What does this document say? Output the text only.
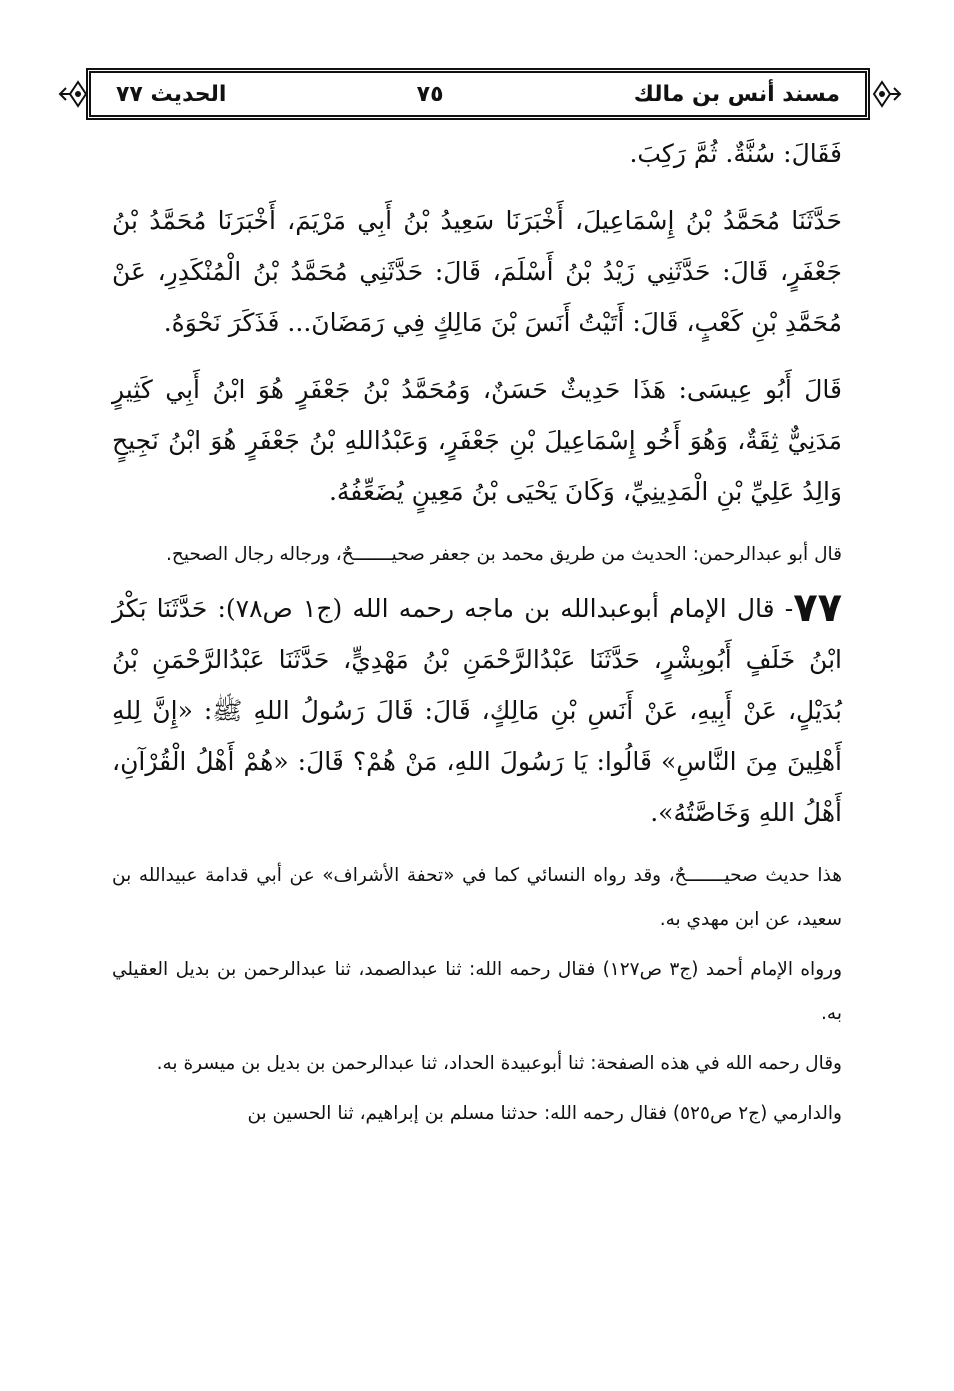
مسند أنس بن مالك
٧٥
الحديث ٧٧

فَقَالَ: سُنَّةٌ. ثُمَّ رَكِبَ.

حَدَّثَنَا مُحَمَّدُ بْنُ إِسْمَاعِيلَ، أَخْبَرَنَا سَعِيدُ بْنُ أَبِي مَرْيَمَ، أَخْبَرَنَا مُحَمَّدُ بْنُ جَعْفَرٍ، قَالَ: حَدَّثَنِي زَيْدُ بْنُ أَسْلَمَ، قَالَ: حَدَّثَنِي مُحَمَّدُ بْنُ الْمُنْكَدِرِ، عَنْ مُحَمَّدِ بْنِ كَعْبٍ، قَالَ: أَتَيْتُ أَنَسَ بْنَ مَالِكٍ فِي رَمَضَانَ... فَذَكَرَ نَحْوَهُ.

قَالَ أَبُو عِيسَى: هَذَا حَدِيثٌ حَسَنٌ، وَمُحَمَّدُ بْنُ جَعْفَرٍ هُوَ ابْنُ أَبِي كَثِيرٍ مَدَنِيٌّ ثِقَةٌ، وَهُوَ أَخُو إِسْمَاعِيلَ بْنِ جَعْفَرٍ، وَعَبْدُاللهِ بْنُ جَعْفَرٍ هُوَ ابْنُ نَجِيحٍ وَالِدُ عَلِيِّ بْنِ الْمَدِينِيِّ، وَكَانَ يَحْيَى بْنُ مَعِينٍ يُضَعِّفُهُ.

قال أبو عبدالرحمن: الحديث من طريق محمد بن جعفر صحيـــــــحٌ، ورجاله رجال الصحيح.

٧٧- قال الإمام أبوعبدالله بن ماجه رحمه الله (ج١ ص٧٨): حَدَّثَنَا بَكْرُ ابْنُ خَلَفٍ أَبُوبِشْرٍ، حَدَّثَنَا عَبْدُالرَّحْمَنِ بْنُ مَهْدِيٍّ، حَدَّثَنَا عَبْدُالرَّحْمَنِ بْنُ بُدَيْلٍ، عَنْ أَبِيهِ، عَنْ أَنَسِ بْنِ مَالِكٍ، قَالَ: قَالَ رَسُولُ اللهِ ﷺ: «إِنَّ لِلهِ أَهْلِينَ مِنَ النَّاسِ» قَالُوا: يَا رَسُولَ اللهِ، مَنْ هُمْ؟ قَالَ: «هُمْ أَهْلُ الْقُرْآنِ، أَهْلُ اللهِ وَخَاصَّتُهُ».

هذا حديث صحيـــــــحٌ، وقد رواه النسائي كما في «تحفة الأشراف» عن أبي قدامة عبيدالله بن سعيد، عن ابن مهدي به.

ورواه الإمام أحمد (ج٣ ص١٢٧) فقال رحمه الله: ثنا عبدالصمد، ثنا عبدالرحمن بن بديل العقيلي به.

وقال رحمه الله في هذه الصفحة: ثنا أبوعبيدة الحداد، ثنا عبدالرحمن بن بديل بن ميسرة به.

والدارمي (ج٢ ص٥٢٥) فقال رحمه الله: حدثنا مسلم بن إبراهيم، ثنا الحسين بن
